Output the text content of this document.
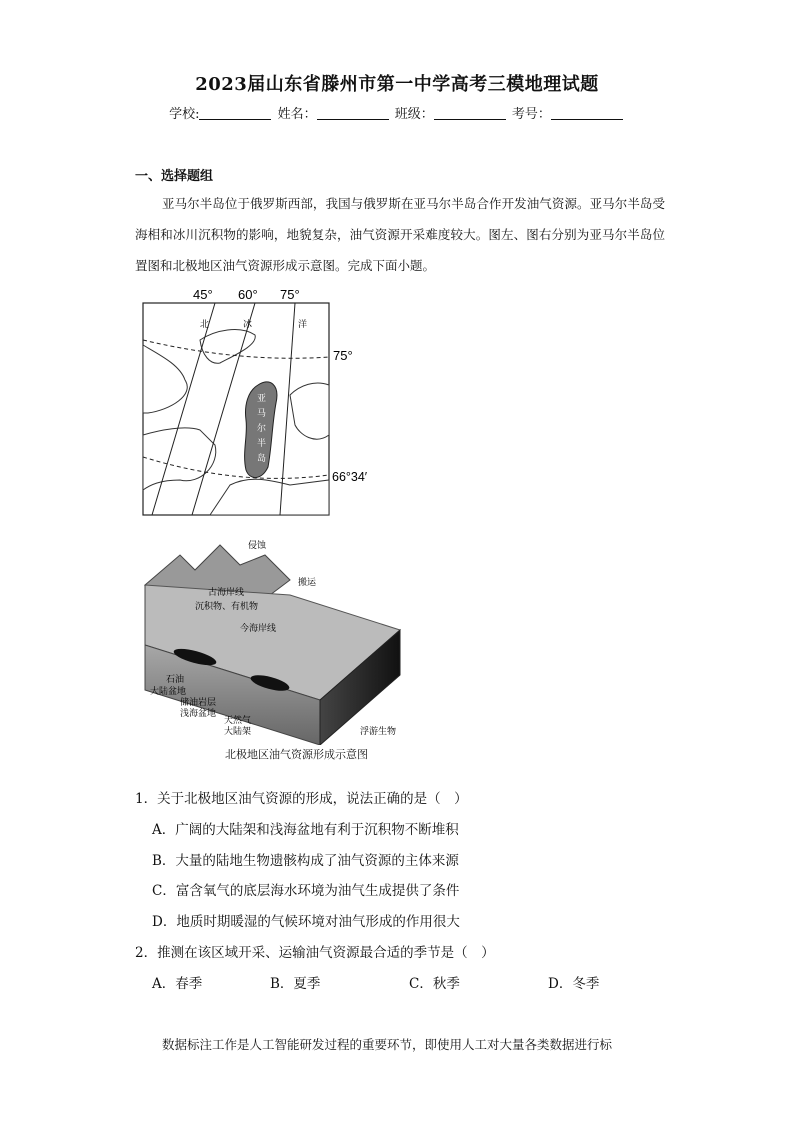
2023届山东省滕州市第一中学高考三模地理试题
学校:	姓名：	班级：	考号：
一、选择题组
亚马尔半岛位于俄罗斯西部，我国与俄罗斯在亚马尔半岛合作开发油气资源。亚马尔半岛受海相和冰川沉积物的影响，地貌复杂，油气资源开采难度较大。图左、图右分别为亚马尔半岛位置图和北极地区油气资源形成示意图。完成下面小题。
45° 60° 75°
亚
马
尔
半
岛
北	冰	洋
75°
66°34′
侵蚀
搬运
古海岸线
沉积物、有机物
今海岸线
石油
大陆盆地
储油岩层
浅海盆地
天然气
大陆架	浮游生物
北极地区油气资源形成示意图
1．关于北极地区油气资源的形成，说法正确的是（　）
A．广阔的大陆架和浅海盆地有利于沉积物不断堆积
B．大量的陆地生物遗骸构成了油气资源的主体来源
C．富含氧气的底层海水环境为油气生成提供了条件
D．地质时期暖湿的气候环境对油气形成的作用很大
2．推测在该区域开采、运输油气资源最合适的季节是（　）
A．春季	B．夏季	C．秋季	D．冬季
数据标注工作是人工智能研发过程的重要环节，即使用人工对大量各类数据进行标
